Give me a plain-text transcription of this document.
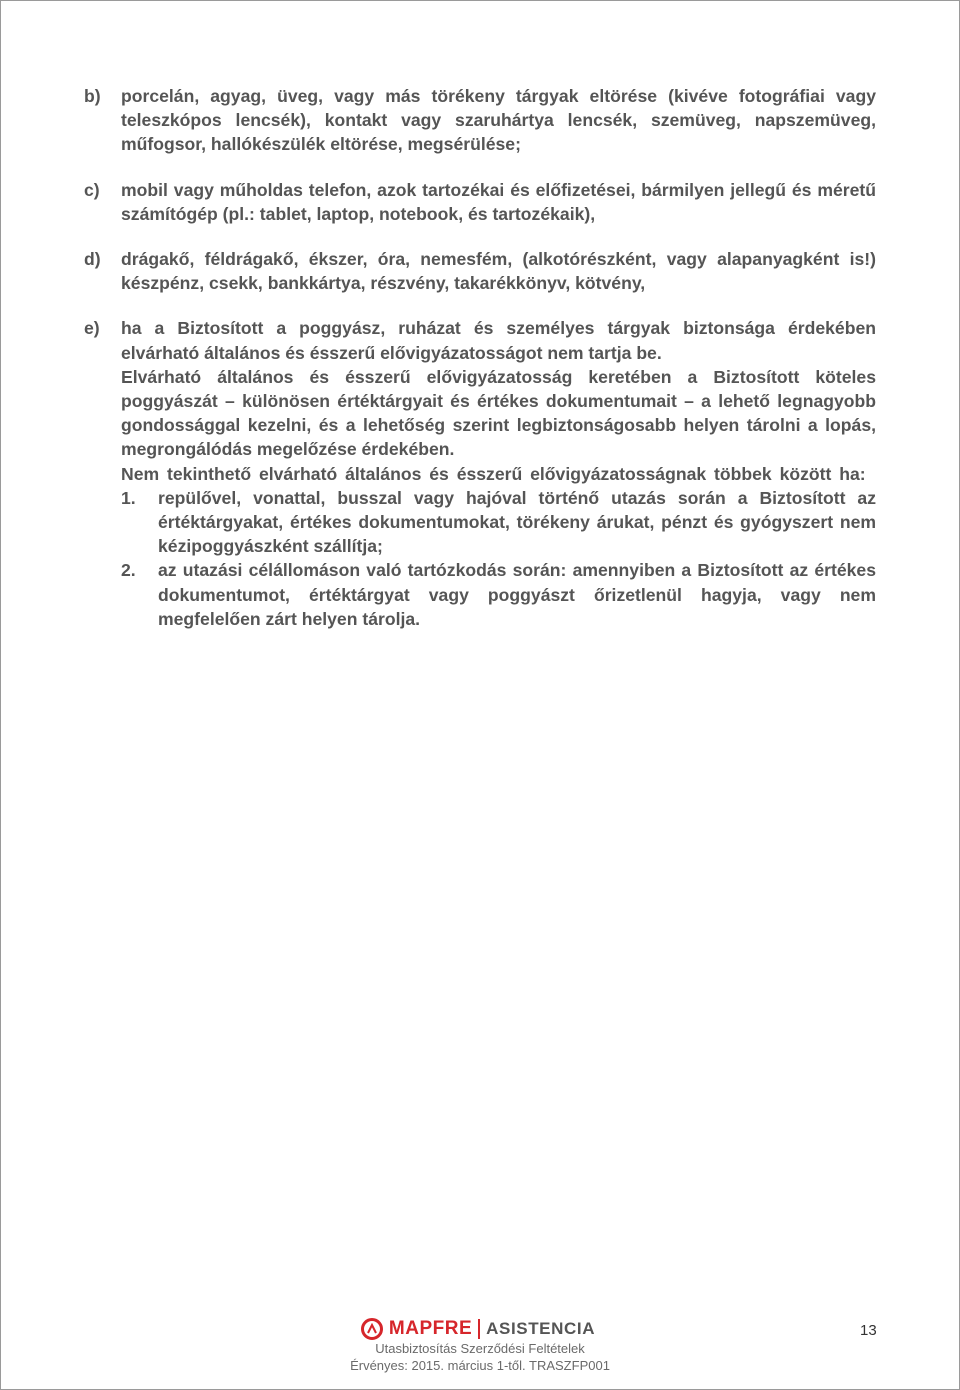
b)	porcelán, agyag, üveg, vagy más törékeny tárgyak eltörése (kivéve fotográfiai vagy teleszkópos lencsék), kontakt vagy szaruhártya lencsék, szemüveg, napszemüveg, műfogsor, hallókészülék eltörése, megsérülése;
c)	mobil vagy műholdas telefon, azok tartozékai és előfizetései, bármilyen jellegű és méretű számítógép (pl.: tablet, laptop, notebook, és tartozékaik),
d)	drágakő, féldrágakő, ékszer, óra, nemesfém, (alkotórészként, vagy alapanyagként is!) készpénz, csekk, bankkártya, részvény, takarékkönyv, kötvény,
e)	ha a Biztosított a poggyász, ruházat és személyes tárgyak biztonsága érdekében elvárható általános és ésszerű elővigyázatosságot nem tartja be.
Elvárható általános és ésszerű elővigyázatosság keretében a Biztosított köteles poggyászát – különösen értéktárgyait és értékes dokumentumait – a lehető legnagyobb gondossággal kezelni, és a lehetőség szerint legbiztonságosabb helyen tárolni a lopás, megrongálódás megelőzése érdekében.
Nem tekinthető elvárható általános és ésszerű elővigyázatosságnak többek között ha:
1.	repülővel, vonattal, busszal vagy hajóval történő utazás során a Biztosított az értéktárgyakat, értékes dokumentumokat, törékeny árukat, pénzt és gyógyszert nem kézipoggyászként szállítja;
2.	az utazási célállomáson való tartózkodás során: amennyiben a Biztosított az értékes dokumentumot, értéktárgyat vagy poggyászt őrizetlenül hagyja, vagy nem megfelelően zárt helyen tárolja.
MAPFRE ASISTENCIA
Utasbiztosítás Szerződési Feltételek
Érvényes: 2015. március 1-től. TRASZFP001
13
